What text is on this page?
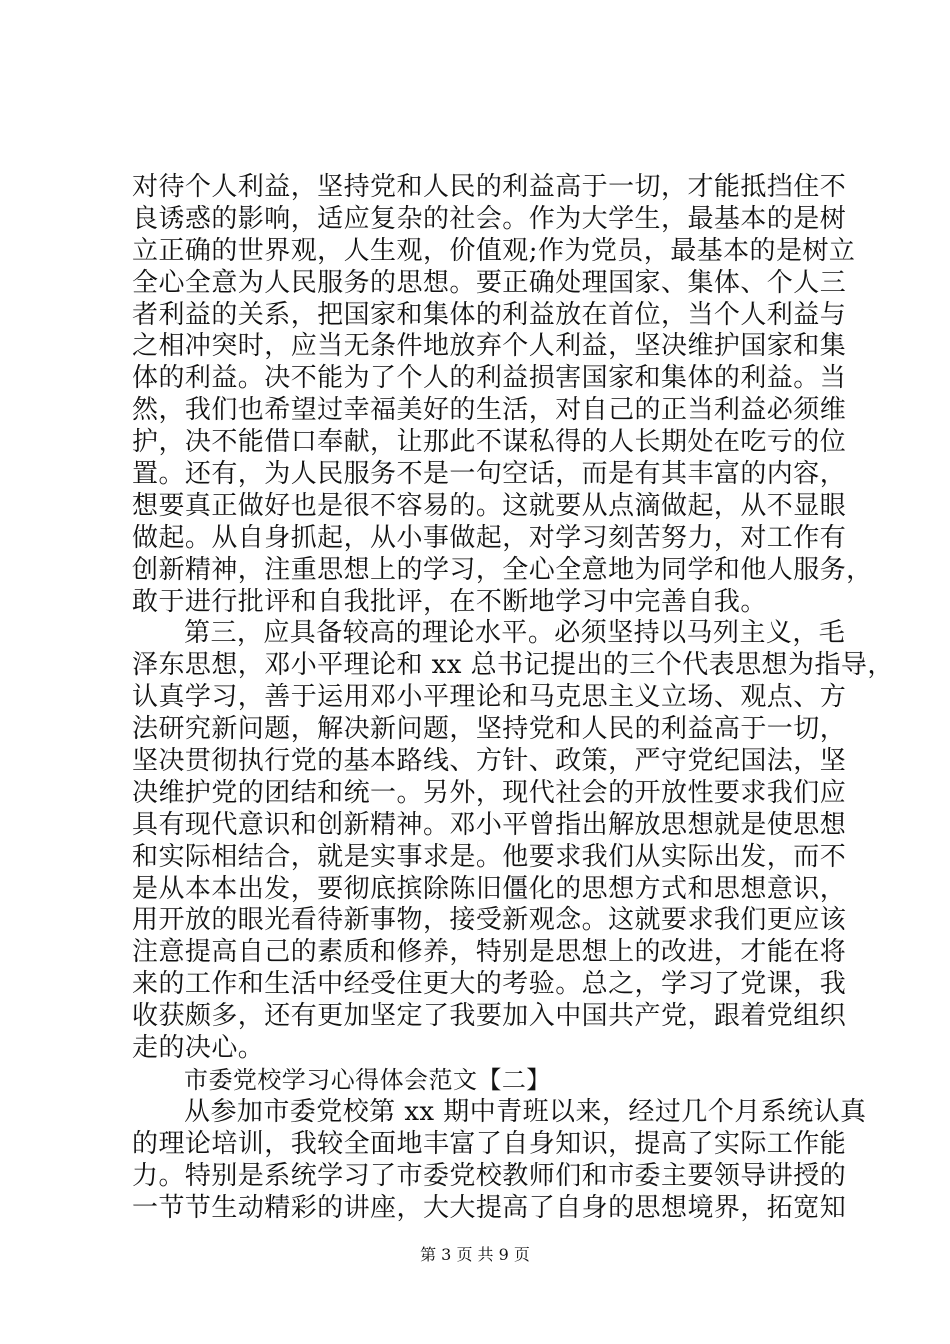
对待个人利益，坚持党和人民的利益高于一切，才能抵挡住不
良诱惑的影响，适应复杂的社会。作为大学生，最基本的是树
立正确的世界观，人生观，价值观;作为党员，最基本的是树立
全心全意为人民服务的思想。要正确处理国家、集体、个人三
者利益的关系，把国家和集体的利益放在首位，当个人利益与
之相冲突时，应当无条件地放弃个人利益，坚决维护国家和集
体的利益。决不能为了个人的利益损害国家和集体的利益。当
然，我们也希望过幸福美好的生活，对自己的正当利益必须维
护，决不能借口奉献，让那此不谋私得的人长期处在吃亏的位
置。还有，为人民服务不是一句空话，而是有其丰富的内容，
想要真正做好也是很不容易的。这就要从点滴做起，从不显眼
做起。从自身抓起，从小事做起，对学习刻苦努力，对工作有
创新精神，注重思想上的学习，全心全意地为同学和他人服务，
敢于进行批评和自我批评，在不断地学习中完善自我。
第三，应具备较高的理论水平。必须坚持以马列主义，毛
泽东思想，邓小平理论和 xx 总书记提出的三个代表思想为指导，
认真学习，善于运用邓小平理论和马克思主义立场、观点、方
法研究新问题，解决新问题，坚持党和人民的利益高于一切，
坚决贯彻执行党的基本路线、方针、政策，严守党纪国法，坚
决维护党的团结和统一。另外，现代社会的开放性要求我们应
具有现代意识和创新精神。邓小平曾指出解放思想就是使思想
和实际相结合，就是实事求是。他要求我们从实际出发，而不
是从本本出发，要彻底摈除陈旧僵化的思想方式和思想意识，
用开放的眼光看待新事物，接受新观念。这就要求我们更应该
注意提高自己的素质和修养，特别是思想上的改进，才能在将
来的工作和生活中经受住更大的考验。总之，学习了党课，我
收获颇多，还有更加坚定了我要加入中国共产党，跟着党组织
走的决心。
市委党校学习心得体会范文【二】
从参加市委党校第 xx 期中青班以来，经过几个月系统认真
的理论培训，我较全面地丰富了自身知识，提高了实际工作能
力。特别是系统学习了市委党校教师们和市委主要领导讲授的
一节节生动精彩的讲座，大大提高了自身的思想境界，拓宽知
第 3 页 共 9 页
